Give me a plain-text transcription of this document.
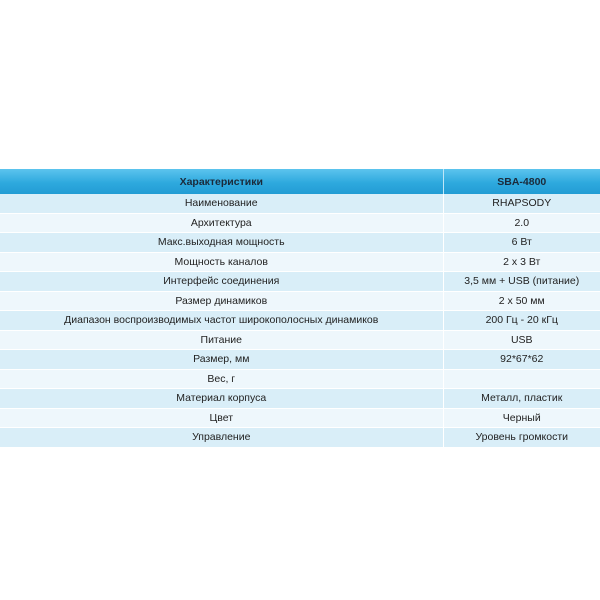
Характеристики	SBA-4800
Наименование	RHAPSODY
Архитектура	2.0
Макс.выходная мощность	6 Вт
Мощность каналов	2 x 3 Вт
Интерфейс соединения	3,5 мм + USB (питание)
Размер динамиков	2 x 50 мм
Диапазон воспроизводимых частот широкополосных динамиков	200 Гц - 20 кГц
Питание	USB
Размер, мм	92*67*62
Вес, г	
Материал корпуса	Металл, пластик
Цвет	Черный
Управление	Уровень громкости
